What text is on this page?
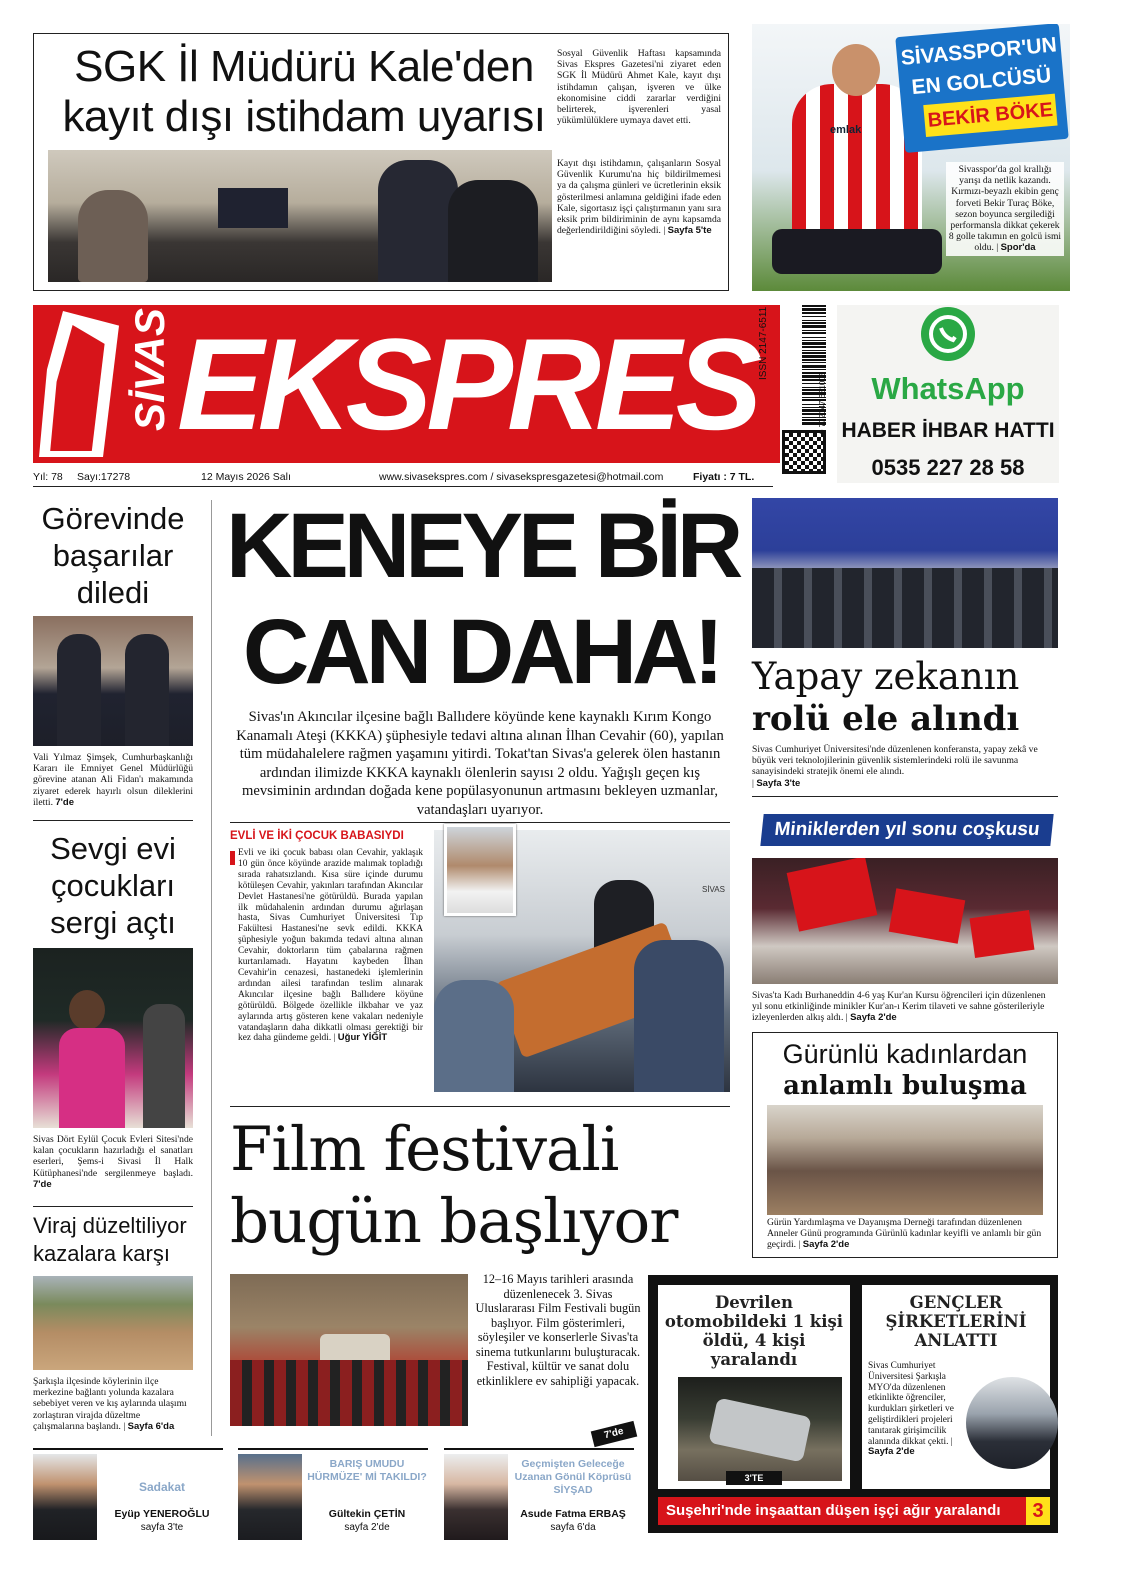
SGK İl Müdürü Kale'den kayıt dışı istihdam uyarısı
Sosyal Güvenlik Haftası kapsamında Sivas Ekspres Gazetesi'ni ziyaret eden SGK İl Müdürü Ahmet Kale, kayıt dışı istihdamın çalışan, işveren ve ülke ekonomisine ciddi zararlar verdiğini belirterek, işverenleri yasal yükümlülüklere uymaya davet etti.
Kayıt dışı istihdamın, çalışanların Sosyal Güvenlik Kurumu'na hiç bildirilmemesi ya da çalışma günleri ve ücretlerinin eksik gösterilmesi anlamına geldiğini ifade eden Kale, sigortasız işçi çalıştırmanın yanı sıra eksik prim bildiriminin de aynı kapsamda değerlendirildiğini söyledi. | Sayfa 5'te
emlak
SİVASSPOR'UN
EN GOLCÜSÜ
BEKİR BÖKE
Sivasspor'da gol krallığı yarışı da netlik kazandı. Kırmızı-beyazlı ekibin genç forveti Bekir Turaç Böke, sezon boyunca sergilediği performansla dikkat çekerek 8 golle takımın en golcü ismi oldu. | Spor'da
SİVAS EKSPRES	WhatsApp
HABER İHBAR HATTI
0535 227 28 58
Yıl: 78 Sayı:17278	12 Mayıs 2026 Salı	www.sivasekspres.com / sivasekspresgazetesi@hotmail.com	Fiyatı : 7 TL.
Görevinde başarılar diledi
Vali Yılmaz Şimşek, Cumhurbaşkanlığı Kararı ile Emniyet Genel Müdürlüğü görevine atanan Ali Fidan'ı makamında ziyaret ederek hayırlı olsun dileklerini iletti. 7'de
Sevgi evi çocukları sergi açtı
Sivas Dört Eylül Çocuk Evleri Sitesi'nde kalan çocukların hazırladığı el sanatları eserleri, Şems-i Sivasi İl Halk Kütüphanesi'nde sergilenmeye başladı. 7'de
Viraj düzeltiliyor kazalara karşı
Şarkışla ilçesinde köylerinin ilçe merkezine bağlantı yolunda kazalara sebebiyet veren ve kış aylarında ulaşımı zorlaştıran virajda düzeltme çalışmalarına başlandı. | Sayfa 6'da
KENEYE BİR
CAN DAHA!
Sivas'ın Akıncılar ilçesine bağlı Ballıdere köyünde kene kaynaklı Kırım Kongo Kanamalı Ateşi (KKKA) şüphesiyle tedavi altına alınan İlhan Cevahir (60), yapılan tüm müdahalelere rağmen yaşamını yitirdi. Tokat'tan Sivas'a gelerek ölen hastanın ardından ilimizde KKKA kaynaklı ölenlerin sayısı 2 oldu. Yağışlı geçen kış mevsiminin ardından doğada kene popülasyonunun artmasını bekleyen uzmanlar, vatandaşları uyarıyor.
EVLİ VE İKİ ÇOCUK BABASIYDI
Evli ve iki çocuk babası olan Cevahir, yaklaşık 10 gün önce köyünde arazide malımak topladığı sırada rahatsızlandı. Kısa süre içinde durumu kötüleşen Cevahir, yakınları tarafından Akıncılar Devlet Hastanesi'ne götürüldü. Burada yapılan ilk müdahalenin ardından durumu ağırlaşan hasta, Sivas Cumhuriyet Üniversitesi Tıp Fakültesi Hastanesi'ne sevk edildi. KKKA şüphesiyle yoğun bakımda tedavi altına alınan Cevahir, doktorların tüm çabalarına rağmen kurtarılamadı. Hayatını kaybeden İlhan Cevahir'in cenazesi, hastanedeki işlemlerinin ardından ailesi tarafından teslim alınarak Akıncılar ilçesine bağlı Ballıdere köyüne götürüldü. Bölgede özellikle ilkbahar ve yaz aylarında artış gösteren kene vakaları nedeniyle vatandaşların daha dikkatli olması gerektiği bir kez daha gündeme geldi. | Uğur YİĞİT
SİVAS
Film festivali
bugün başlıyor
12–16 Mayıs tarihleri arasında düzenlenecek 3. Sivas Uluslararası Film Festivali bugün başlıyor. Film gösterimleri, söyleşiler ve konserlerle Sivas'ta sinema tutkunlarını buluşturacak. Festival, kültür ve sanat dolu etkinliklere ev sahipliği yapacak.
7'de
Yapay zekanın
rolü ele alındı
Sivas Cumhuriyet Üniversitesi'nde düzenlenen konferansta, yapay zekâ ve büyük veri teknolojilerinin güvenlik sistemlerindeki rolü ile savunma sanayisindeki stratejik önemi ele alındı.
| Sayfa 3'te
Miniklerden yıl sonu coşkusu
Sivas'ta Kadı Burhaneddin 4-6 yaş Kur'an Kursu öğrencileri için düzenlenen yıl sonu etkinliğinde minikler Kur'an-ı Kerim tilaveti ve sahne gösterileriyle izleyenlerden alkış aldı. | Sayfa 2'de
Gürünlü kadınlardan
anlamlı buluşma
Gürün Yardımlaşma ve Dayanışma Derneği tarafından düzenlenen Anneler Günü programında Gürünlü kadınlar keyifli ve anlamlı bir gün geçirdi. | Sayfa 2'de
Devrilen otomobildeki 1 kişi öldü, 4 kişi yaralandı
3'TE
GENÇLER ŞİRKETLERİNİ ANLATTI
Sivas Cumhuriyet Üniversitesi Şarkışla MYO'da düzenlenen etkinlikte öğrenciler, kurdukları şirketleri ve geliştirdikleri projeleri tanıtarak girişimcilik alanında dikkat çekti. | Sayfa 2'de
Suşehri'nde inşaattan düşen işçi ağır yaralandı	3
Sadakat
Eyüp YENEROĞLU
sayfa 3'te
BARIŞ UMUDU HÜRMÜZE' Mİ TAKILDI?
Gültekin ÇETİN
sayfa 2'de
Geçmişten Geleceğe Uzanan Gönül Köprüsü SİYŞAD
Asude Fatma ERBAŞ
sayfa 6'da
ISSN 2147-6511
9 772147 651005
